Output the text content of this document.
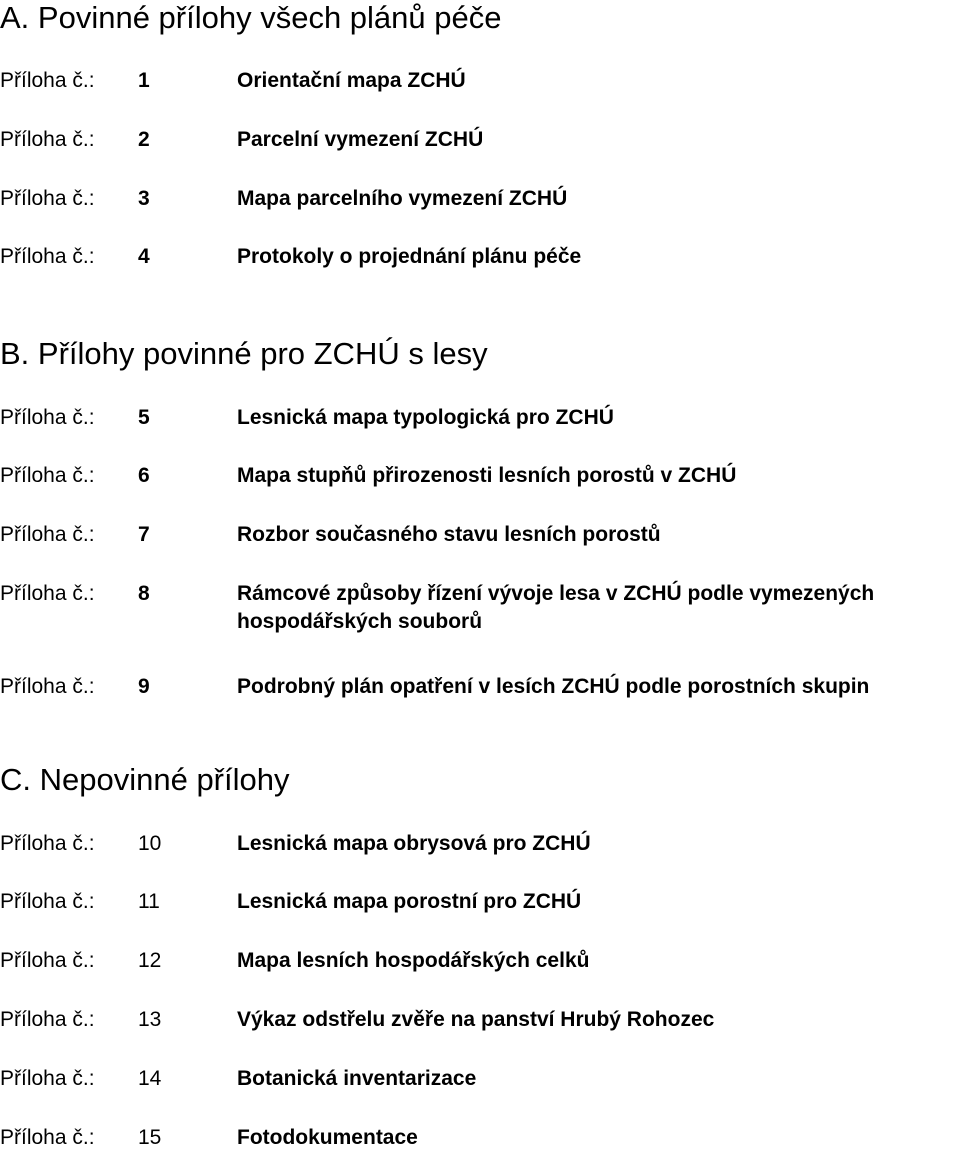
A. Povinné přílohy všech plánů péče
Příloha č.: 1	Orientační mapa ZCHÚ
Příloha č.: 2	Parcelní vymezení ZCHÚ
Příloha č.: 3	Mapa parcelního vymezení ZCHÚ
Příloha č.: 4	Protokoly o projednání plánu péče
B. Přílohy povinné pro ZCHÚ s lesy
Příloha č.: 5	Lesnická mapa typologická pro ZCHÚ
Příloha č.: 6	Mapa stupňů přirozenosti lesních porostů v ZCHÚ
Příloha č.: 7	Rozbor současného stavu lesních porostů
Příloha č.: 8	Rámcové způsoby řízení vývoje lesa v ZCHÚ podle vymezených hospodářských souborů
Příloha č.: 9	Podrobný plán opatření v lesích ZCHÚ podle porostních skupin
C. Nepovinné přílohy
Příloha č.: 10	Lesnická mapa obrysová pro ZCHÚ
Příloha č.: 11	Lesnická mapa porostní pro ZCHÚ
Příloha č.: 12	Mapa lesních hospodářských celků
Příloha č.: 13	Výkaz odstřelu zvěře na panství Hrubý Rohozec
Příloha č.: 14	Botanická inventarizace
Příloha č.: 15	Fotodokumentace
